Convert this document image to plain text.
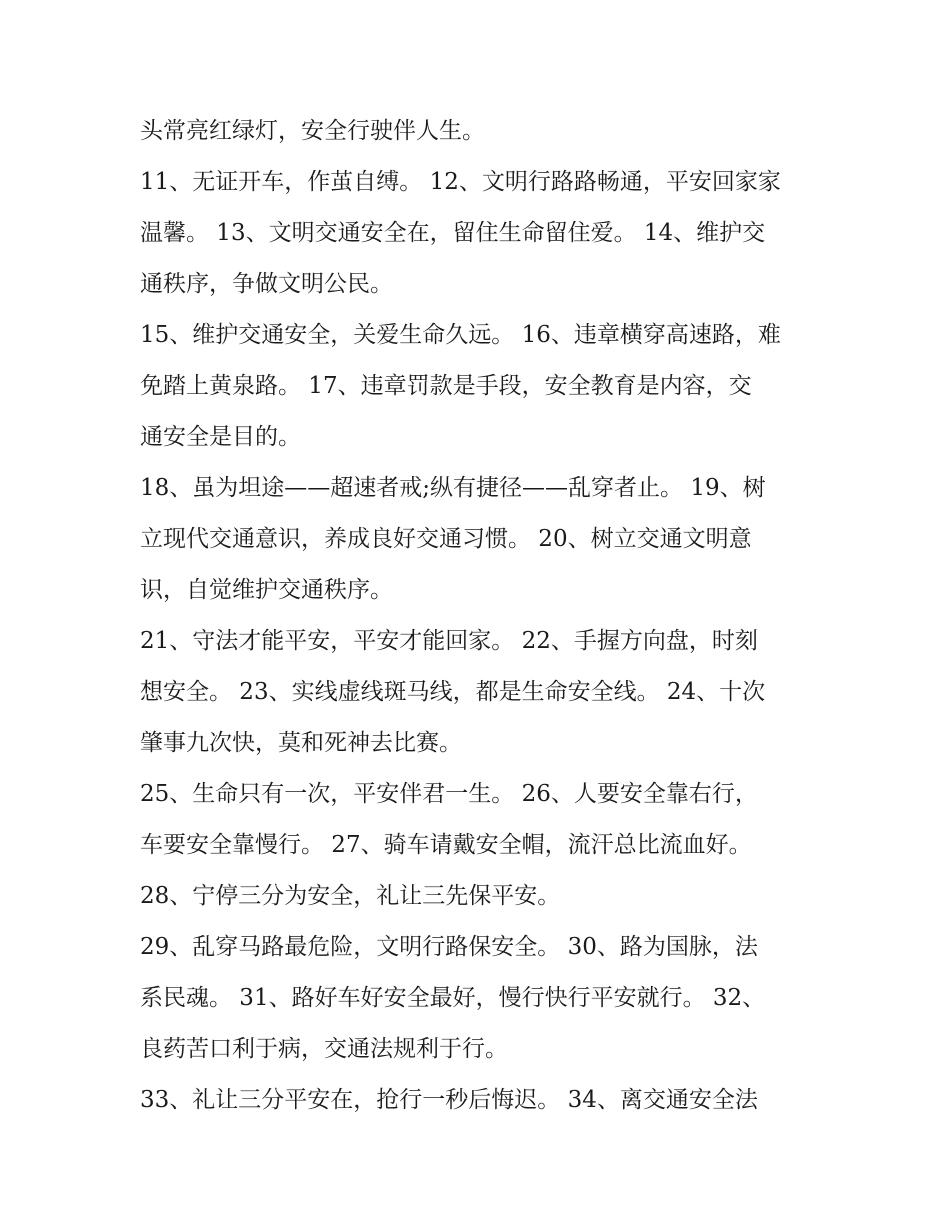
头常亮红绿灯，安全行驶伴人生。
11、无证开车，作茧自缚。 12、文明行路路畅通，平安回家家
温馨。 13、文明交通安全在，留住生命留住爱。 14、维护交
通秩序，争做文明公民。
15、维护交通安全，关爱生命久远。 16、违章横穿高速路，难
免踏上黄泉路。 17、违章罚款是手段，安全教育是内容，交
通安全是目的。
18、虽为坦途——超速者戒;纵有捷径——乱穿者止。 19、树
立现代交通意识，养成良好交通习惯。 20、树立交通文明意
识，自觉维护交通秩序。
21、守法才能平安，平安才能回家。 22、手握方向盘，时刻
想安全。 23、实线虚线斑马线，都是生命安全线。 24、十次
肇事九次快，莫和死神去比赛。
25、生命只有一次，平安伴君一生。 26、人要安全靠右行，
车要安全靠慢行。 27、骑车请戴安全帽，流汗总比流血好。
28、宁停三分为安全，礼让三先保平安。
29、乱穿马路最危险，文明行路保安全。 30、路为国脉，法
系民魂。 31、路好车好安全最好，慢行快行平安就行。 32、
良药苦口利于病，交通法规利于行。
33、礼让三分平安在，抢行一秒后悔迟。 34、离交通安全法
